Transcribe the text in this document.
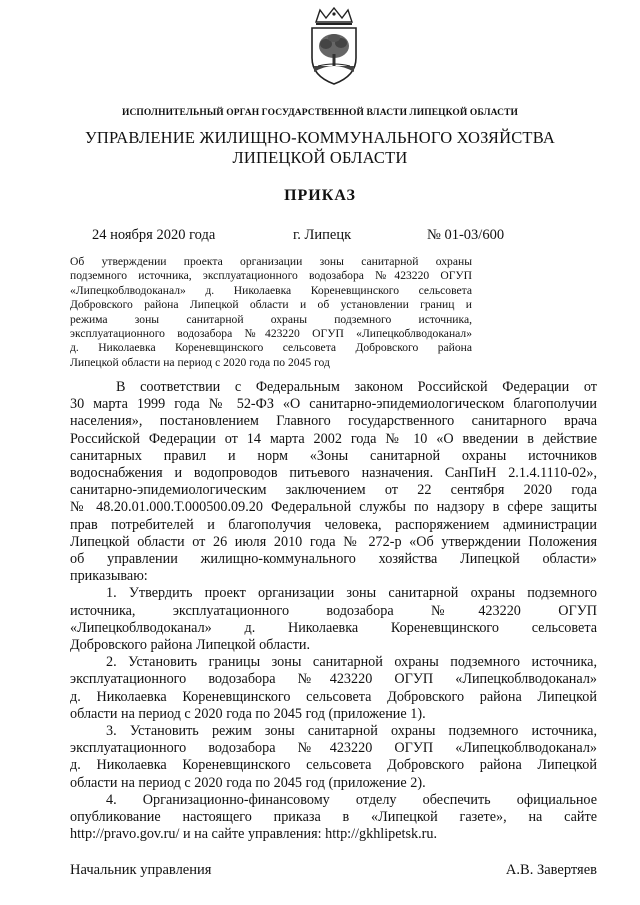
ИСПОЛНИТЕЛЬНЫЙ ОРГАН ГОСУДАРСТВЕННОЙ ВЛАСТИ ЛИПЕЦКОЙ ОБЛАСТИ
УПРАВЛЕНИЕ ЖИЛИЩНО-КОММУНАЛЬНОГО ХОЗЯЙСТВА
ЛИПЕЦКОЙ ОБЛАСТИ
ПРИКАЗ
24 ноября 2020 года	г. Липецк	№ 01-03/600
Об утверждении проекта организации зоны санитарной охраны
подземного источника, эксплуатационного водозабора №423220 ОГУП
«Липецкоблводоканал» д. Николаевка Кореневщинского сельсовета
Добровского района Липецкой области и об установлении границ и
режима зоны санитарной охраны подземного источника,
эксплуатационного водозабора №423220 ОГУП «Липецкоблводоканал»
д. Николаевка Кореневщинского сельсовета Добровского района
Липецкой области на период с 2020 года по 2045 год
В соответствии с Федеральным законом Российской Федерации от
30 марта 1999 года № 52-ФЗ «О санитарно-эпидемиологическом благополучии
населения», постановлением Главного государственного санитарного врача
Российской Федерации от 14 марта 2002 года № 10 «О введении в действие
санитарных правил и норм «Зоны санитарной охраны источников
водоснабжения и водопроводов питьевого назначения. СанПиН 2.1.4.1110-02»,
санитарно-эпидемиологическим заключением от 22 сентября 2020 года
№ 48.20.01.000.Т.000500.09.20 Федеральной службы по надзору в сфере защиты
прав потребителей и благополучия человека, распоряжением администрации
Липецкой области от 26 июля 2010 года № 272-р «Об утверждении Положения
об управлении жилищно-коммунального хозяйства Липецкой области»
приказываю:
1. Утвердить проект организации зоны санитарной охраны подземного
источника, эксплуатационного водозабора №423220 ОГУП
«Липецкоблводоканал» д. Николаевка Кореневщинского сельсовета
Добровского района Липецкой области.
2. Установить границы зоны санитарной охраны подземного источника,
эксплуатационного водозабора №423220 ОГУП «Липецкоблводоканал»
д. Николаевка Кореневщинского сельсовета Добровского района Липецкой
области на период с 2020 года по 2045 год (приложение 1).
3. Установить режим зоны санитарной охраны подземного источника,
эксплуатационного водозабора №423220 ОГУП «Липецкоблводоканал»
д. Николаевка Кореневщинского сельсовета Добровского района Липецкой
области на период с 2020 года по 2045 год (приложение 2).
4. Организационно-финансовому отделу обеспечить официальное
опубликование настоящего приказа в «Липецкой газете», на сайте
http://pravo.gov.ru/ и на сайте управления: http://gkhlipetsk.ru.
Начальник управления	А.В. Завертяев
